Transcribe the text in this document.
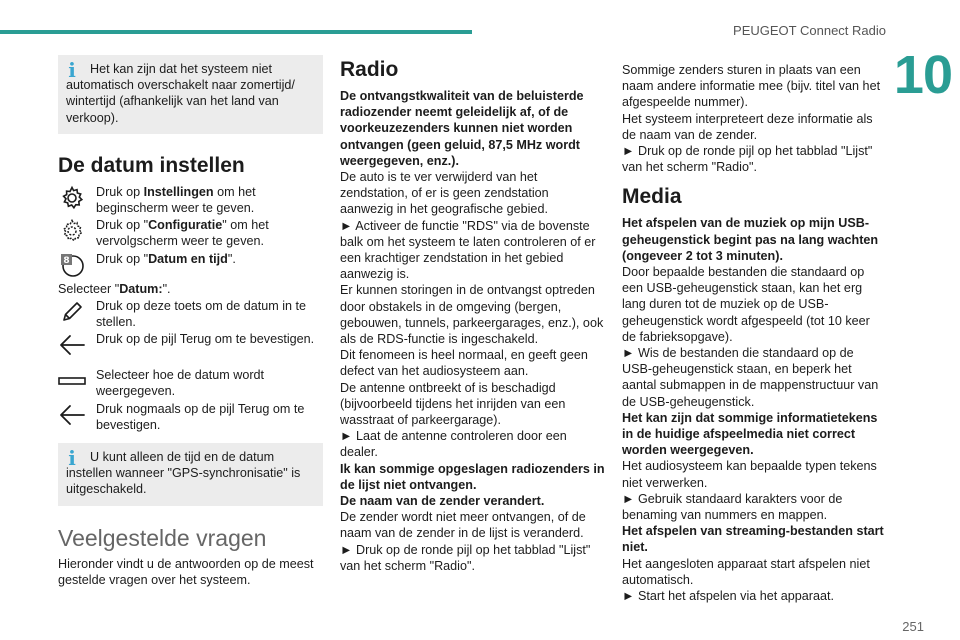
PEUGEOT Connect Radio
10
i	Het kan zijn dat het systeem niet automatisch overschakelt naar zomertijd/ wintertijd (afhankelijk van het land van verkoop).

De datum instellen
Druk op Instellingen om het beginscherm weer te geven.
Druk op "Configuratie" om het vervolgscherm weer te geven.
8 Druk op "Datum en tijd".

Selecteer "Datum:".

Druk op deze toets om de datum in te stellen.
Druk op de pijl Terug om te bevestigen.
Selecteer hoe de datum wordt weergegeven.
Druk nogmaals op de pijl Terug om te bevestigen.
i	U kunt alleen de tijd en de datum instellen wanneer "GPS-synchronisatie" is uitgeschakeld.

Veelgestelde vragen

Hieronder vindt u de antwoorden op de meest gestelde vragen over het systeem.

Radio

De ontvangstkwaliteit van de beluisterde radiozender neemt geleidelijk af, of de voorkeuzezenders kunnen niet worden ontvangen (geen geluid, 87,5 MHz wordt weergegeven, enz.).

De auto is te ver verwijderd van het zendstation, of er is geen zendstation aanwezig in het geografische gebied.

► Activeer de functie "RDS" via de bovenste balk om het systeem te laten controleren of er een krachtiger zendstation in het gebied aanwezig is.

Er kunnen storingen in de ontvangst optreden door obstakels in de omgeving (bergen, gebouwen, tunnels, parkeergarages, enz.), ook als de RDS-functie is ingeschakeld.

Dit fenomeen is heel normaal, en geeft geen defect van het audiosysteem aan.

De antenne ontbreekt of is beschadigd (bijvoorbeeld tijdens het inrijden van een wasstraat of parkeergarage).

► Laat de antenne controleren door een dealer.

Ik kan sommige opgeslagen radiozenders in de lijst niet ontvangen.

De naam van de zender verandert.

De zender wordt niet meer ontvangen, of de naam van de zender in de lijst is veranderd.

► Druk op de ronde pijl op het tabblad "Lijst" van het scherm "Radio".

Sommige zenders sturen in plaats van een naam andere informatie mee (bijv. titel van het afgespeelde nummer).

Het systeem interpreteert deze informatie als de naam van de zender.

► Druk op de ronde pijl op het tabblad "Lijst" van het scherm "Radio".

Media

Het afspelen van de muziek op mijn USB-geheugenstick begint pas na lang wachten (ongeveer 2 tot 3 minuten).

Door bepaalde bestanden die standaard op een USB-geheugenstick staan, kan het erg lang duren tot de muziek op de USB-geheugenstick wordt afgespeeld (tot 10 keer de fabrieksopgave).

► Wis de bestanden die standaard op de USB-geheugenstick staan, en beperk het aantal submappen in de mappenstructuur van de USB-geheugenstick.

Het kan zijn dat sommige informatietekens in de huidige afspeelmedia niet correct worden weergegeven.

Het audiosysteem kan bepaalde typen tekens niet verwerken.

► Gebruik standaard karakters voor de benaming van nummers en mappen.

Het afspelen van streaming-bestanden start niet.

Het aangesloten apparaat start afspelen niet automatisch.

► Start het afspelen via het apparaat.

251
